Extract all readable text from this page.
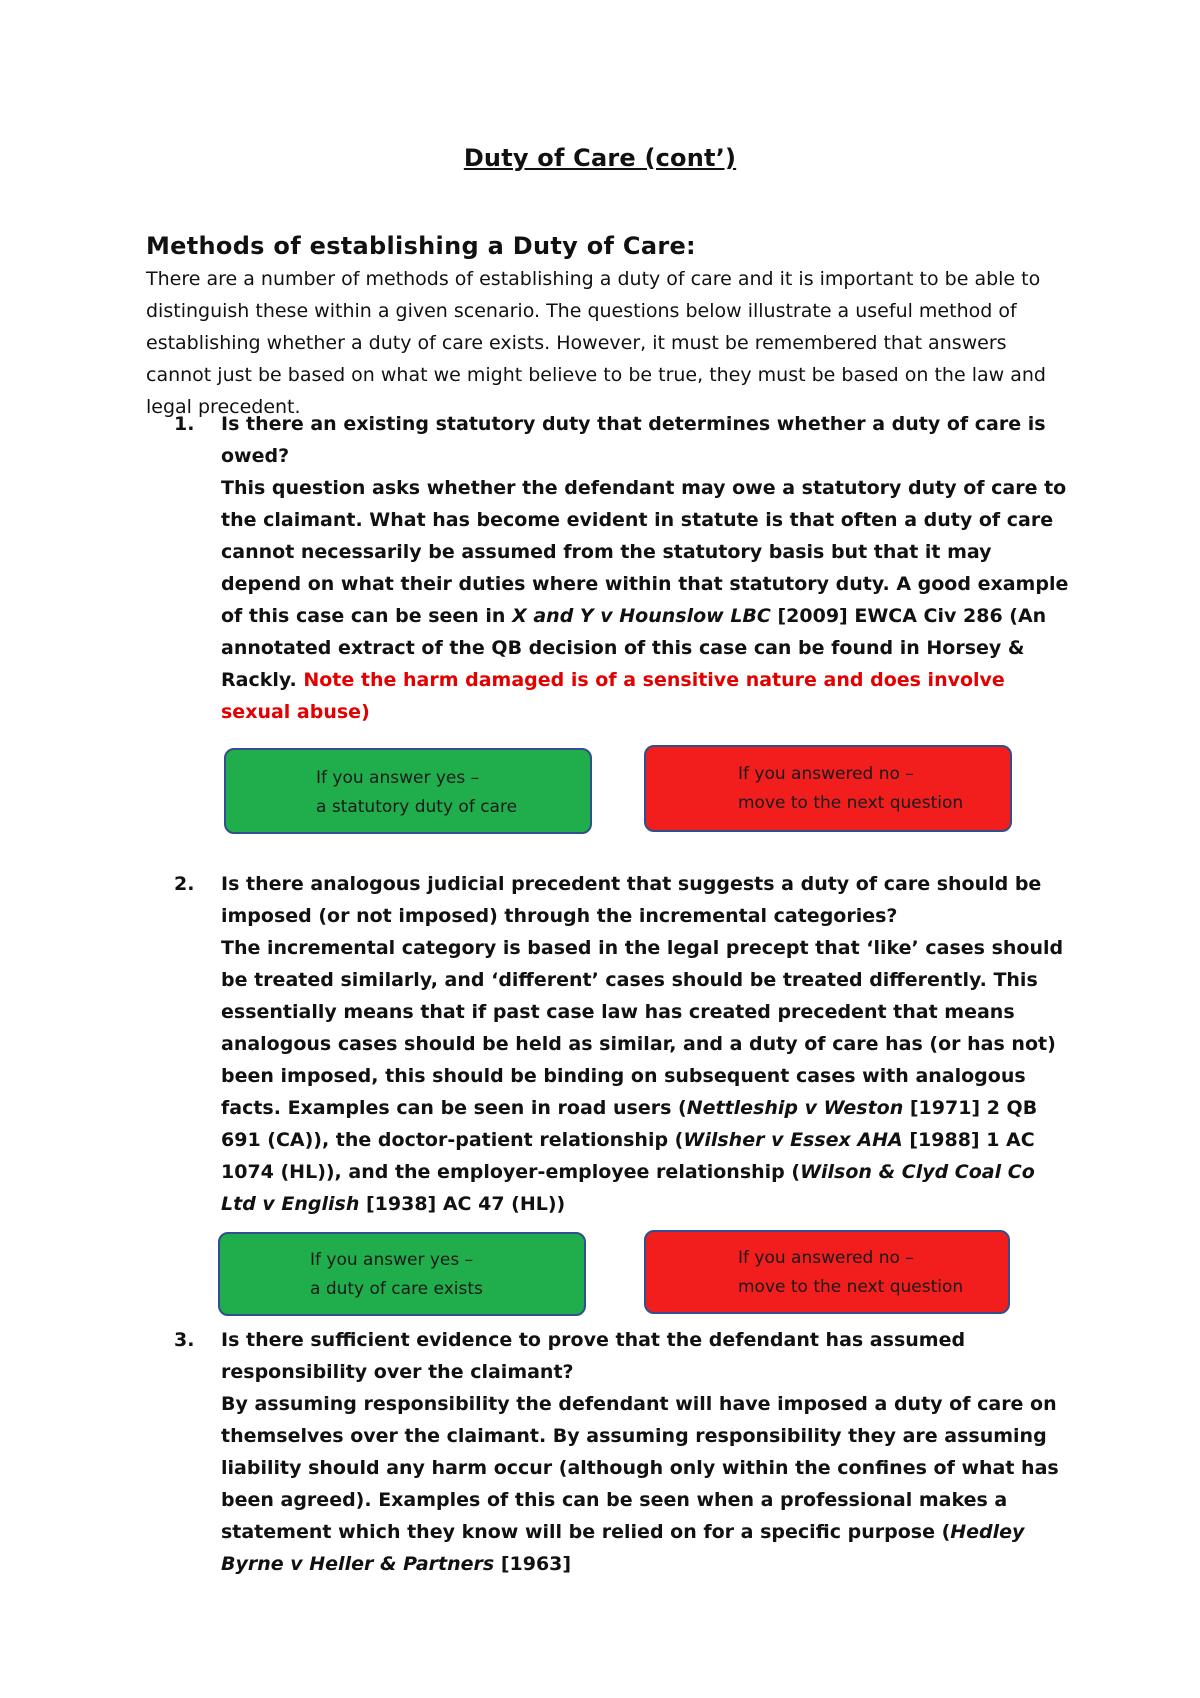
Duty of Care (cont’)
Methods of establishing a Duty of Care:
There are a number of methods of establishing a duty of care and it is important to be able to distinguish these within a given scenario. The questions below illustrate a useful method of establishing whether a duty of care exists. However, it must be remembered that answers cannot just be based on what we might believe to be true, they must be based on the law and legal precedent.
1. Is there an existing statutory duty that determines whether a duty of care is owed?
This question asks whether the defendant may owe a statutory duty of care to the claimant. What has become evident in statute is that often a duty of care cannot necessarily be assumed from the statutory basis but that it may depend on what their duties where within that statutory duty. A good example of this case can be seen in X and Y v Hounslow LBC [2009] EWCA Civ 286 (An annotated extract of the QB decision of this case can be found in Horsey & Rackly. Note the harm damaged is of a sensitive nature and does involve sexual abuse)
If you answer yes –
a statutory duty of care
If you answered no –
move to the next question
2. Is there analogous judicial precedent that suggests a duty of care should be imposed (or not imposed) through the incremental categories?
The incremental category is based in the legal precept that ‘like’ cases should be treated similarly, and ‘different’ cases should be treated differently. This essentially means that if past case law has created precedent that means analogous cases should be held as similar, and a duty of care has (or has not) been imposed, this should be binding on subsequent cases with analogous facts. Examples can be seen in road users (Nettleship v Weston [1971] 2 QB 691 (CA)), the doctor-patient relationship (Wilsher v Essex AHA [1988] 1 AC 1074 (HL)), and the employer-employee relationship (Wilson & Clyd Coal Co Ltd v English [1938] AC 47 (HL))
If you answer yes –
a duty of care exists
If you answered no –
move to the next question
3. Is there sufficient evidence to prove that the defendant has assumed responsibility over the claimant?
By assuming responsibility the defendant will have imposed a duty of care on themselves over the claimant. By assuming responsibility they are assuming liability should any harm occur (although only within the confines of what has been agreed). Examples of this can be seen when a professional makes a statement which they know will be relied on for a specific purpose (Hedley Byrne v Heller & Partners [1963]
